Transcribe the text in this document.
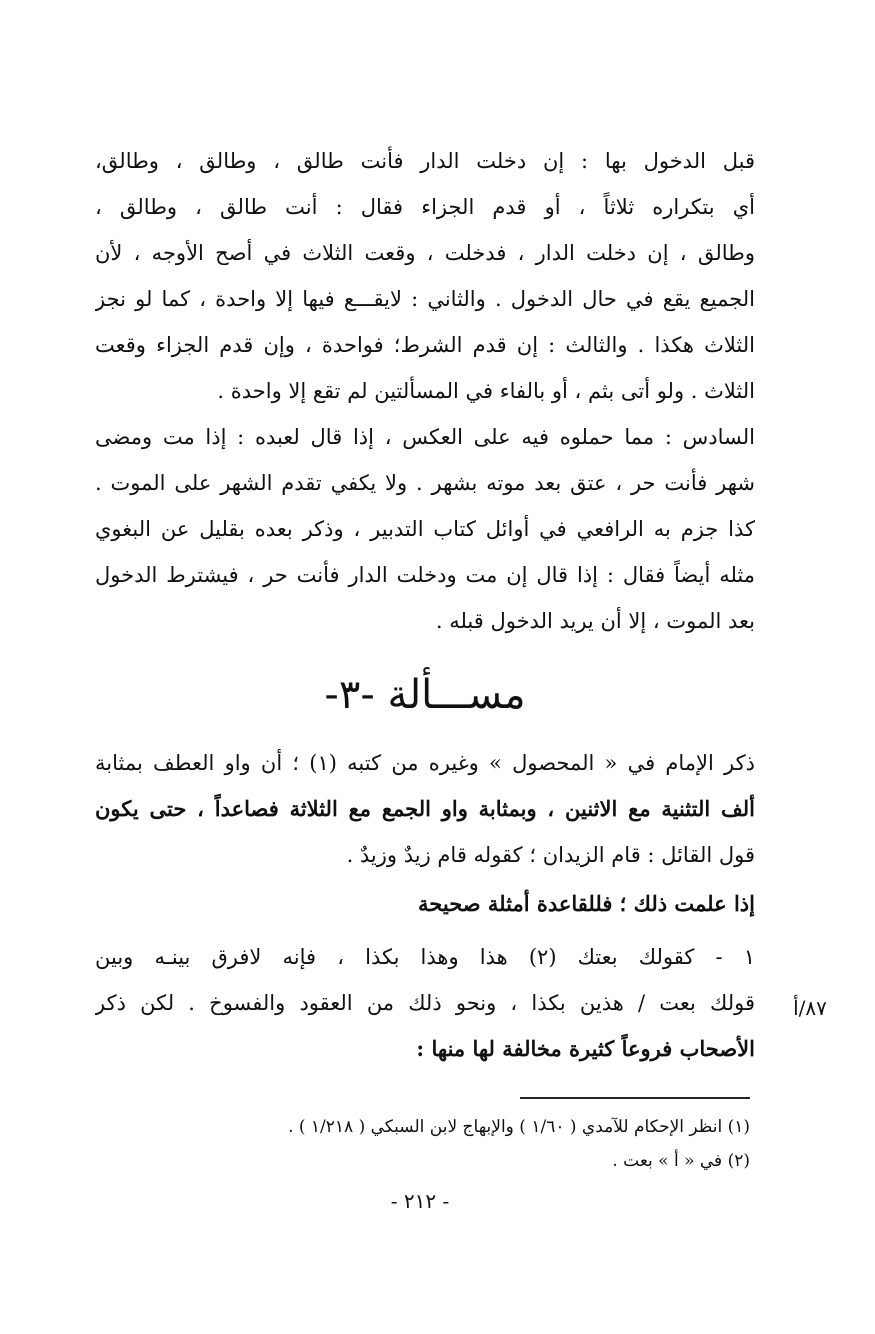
قبل الدخول بها : إن دخلت الدار فأنت طالق ، وطالق ، وطالق،
أي بتكراره ثلاثاً ، أو قدم الجزاء فقال : أنت طالق ، وطالق ،
وطالق ، إن دخلت الدار ، فدخلت ، وقعت الثلاث في أصح الأوجه ، لأن
الجميع يقع في حال الدخول . والثاني : لايقـــع فيها إلا واحدة ، كما لو نجز
الثلاث هكذا . والثالث : إن قدم الشرط؛ فواحدة ، وإن قدم الجزاء وقعت
الثلاث . ولو أتى بثم ، أو بالفاء في المسألتين لم تقع إلا واحدة .
السادس : مما حملوه فيه على العكس ، إذا قال لعبده : إذا مت ومضى
شهر فأنت حر ، عتق بعد موته بشهر . ولا يكفي تقدم الشهر على الموت .
كذا جزم به الرافعي في أوائل كتاب التدبير ، وذكر بعده بقليل عن البغوي
مثله أيضاً فقال : إذا قال إن مت ودخلت الدار فأنت حر ، فيشترط الدخول
بعد الموت ، إلا أن يريد الدخول قبله .
مســـألة -٣-
ذكر الإمام في « المحصول » وغيره من كتبه (١) ؛ أن واو العطف بمثابة
ألف التثنية مع الاثنين ، وبمثابة واو الجمع مع الثلاثة فصاعداً ، حتى يكون
قول القائل : قام الزيدان ؛ كقوله قام زيدٌ وزيدٌ .
إذا علمت ذلك ؛ فللقاعدة أمثلة صحيحة
١ - كقولك بعتك (٢) هذا وهذا بكذا ، فإنه لافرق بينـه وبين
قولك بعت / هذين بكذا ، ونحو ذلك من العقود والفسوخ . لكن ذكر
الأصحاب فروعاً كثيرة مخالفة لها منها :
٨٧/أ
(١) انظر الإحكام للآمدي ( ١/٦٠ ) والإبهاج لابن السبكي ( ١/٢١٨ ) .
(٢) في « أ » بعت .
- ٢١٢ -
